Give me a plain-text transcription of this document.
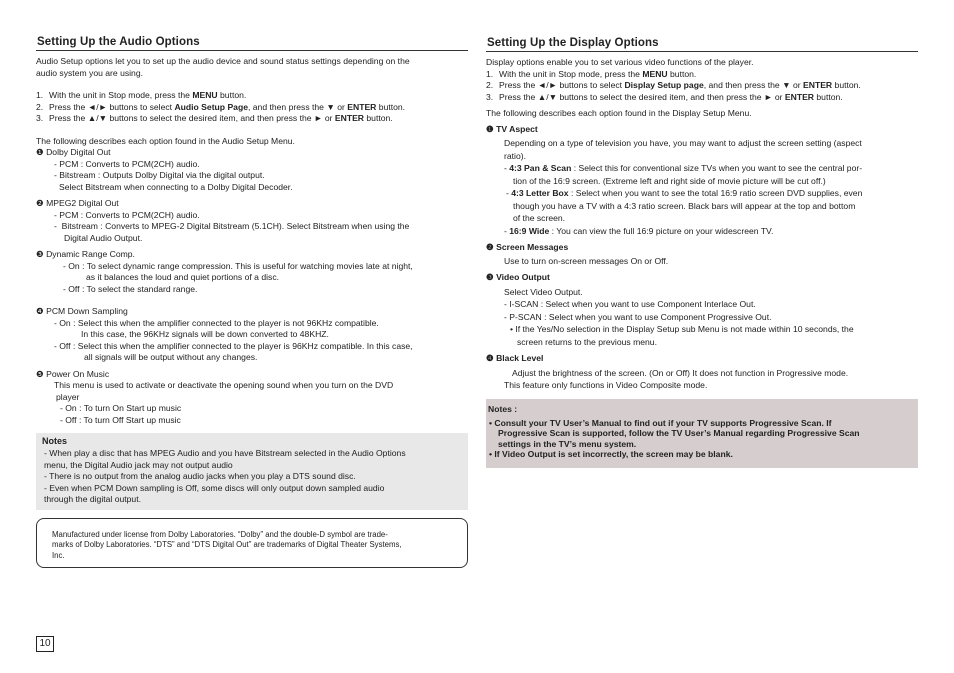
Setting Up the Audio Options

Audio Setup options let you to set up the audio device and sound status settings depending on the

audio system you are using.

1. With the unit in Stop mode, press the MENU button.

2. Press the ◄/► buttons to select Audio Setup Page, and then press the ▼ or ENTER button.

3. Press the ▲/▼ buttons to select the desired item, and then press the ► or ENTER button.

The following describes each option found in the Audio Setup Menu.

❶ Dolby Digital Out

- PCM : Converts to PCM(2CH) audio.

- Bitstream : Outputs Dolby Digital via the digital output.

Select Bitstream when connecting to a Dolby Digital Decoder.

❷ MPEG2 Digital Out

- PCM : Converts to PCM(2CH) audio.

-  Bitstream : Converts to MPEG-2 Digital Bitstream (5.1CH). Select Bitstream when using the

Digital Audio Output.

❸ Dynamic Range Comp.

- On : To select dynamic range compression. This is useful for watching movies late at night,

as it balances the loud and quiet portions of a disc.

- Off : To select the standard range.

❹ PCM Down Sampling

- On : Select this when the amplifier connected to the player is not 96KHz compatible.

In this case, the 96KHz signals will be down converted to 48KHZ.

- Off : Select this when the amplifier connected to the player is 96KHz compatible. In this case,

all signals will be output without any changes.

❺ Power On Music

This menu is used to activate or deactivate the opening sound when you turn on the DVD

player

- On : To turn On Start up music

- Off : To turn Off Start up music

Notes

- When play a disc that has MPEG Audio and you have Bitstream selected in the Audio Options

menu, the Digital Audio jack may not output audio

- There is no output from the analog audio jacks when you play a DTS sound disc.

- Even when PCM Down sampling is Off, some discs will only output down sampled audio

through the digital output.

Manufactured under license from Dolby Laboratories. “Dolby” and the double-D symbol are trade-

marks of Dolby Laboratories. “DTS” and “DTS Digital Out” are trademarks of Digital Theater Systems,

Inc.

Setting Up the Display Options

Display options enable you to set various video functions of the player.

1. With the unit in Stop mode, press the MENU button.

2. Press the ◄/► buttons to select Display Setup page, and then press the ▼ or ENTER button.

3. Press the ▲/▼ buttons to select the desired item, and then press the ► or ENTER button.

The following describes each option found in the Display Setup Menu.

❶ TV Aspect

Depending on a type of television you have, you may want to adjust the screen setting (aspect

ratio).

- 4:3 Pan & Scan : Select this for conventional size TVs when you want to see the central por-

tion of the 16:9 screen. (Extreme left and right side of movie picture will be cut off.)

- 4:3 Letter Box : Select when you want to see the total 16:9 ratio screen DVD supplies, even

though you have a TV with a 4:3 ratio screen. Black bars will appear at the top and bottom

of the screen.

- 16:9 Wide : You can view the full 16:9 picture on your widescreen TV.

❷ Screen Messages

Use to turn on-screen messages On or Off.

❸ Video Output

Select Video Output.

- I-SCAN : Select when you want to use Component Interlace Out.

- P-SCAN : Select when you want to use Component Progressive Out.

• If the Yes/No selection in the Display Setup sub Menu is not made within 10 seconds, the

screen returns to the previous menu.

❹ Black Level

Adjust the brightness of the screen. (On or Off) It does not function in Progressive mode.

This feature only functions in Video Composite mode.

Notes :

• Consult your TV User’s Manual to find out if your TV supports Progressive Scan. If

Progressive Scan is supported, follow the TV User’s Manual regarding Progressive Scan

settings in the TV’s menu system.

• If Video Output is set incorrectly, the screen may be blank.

10
